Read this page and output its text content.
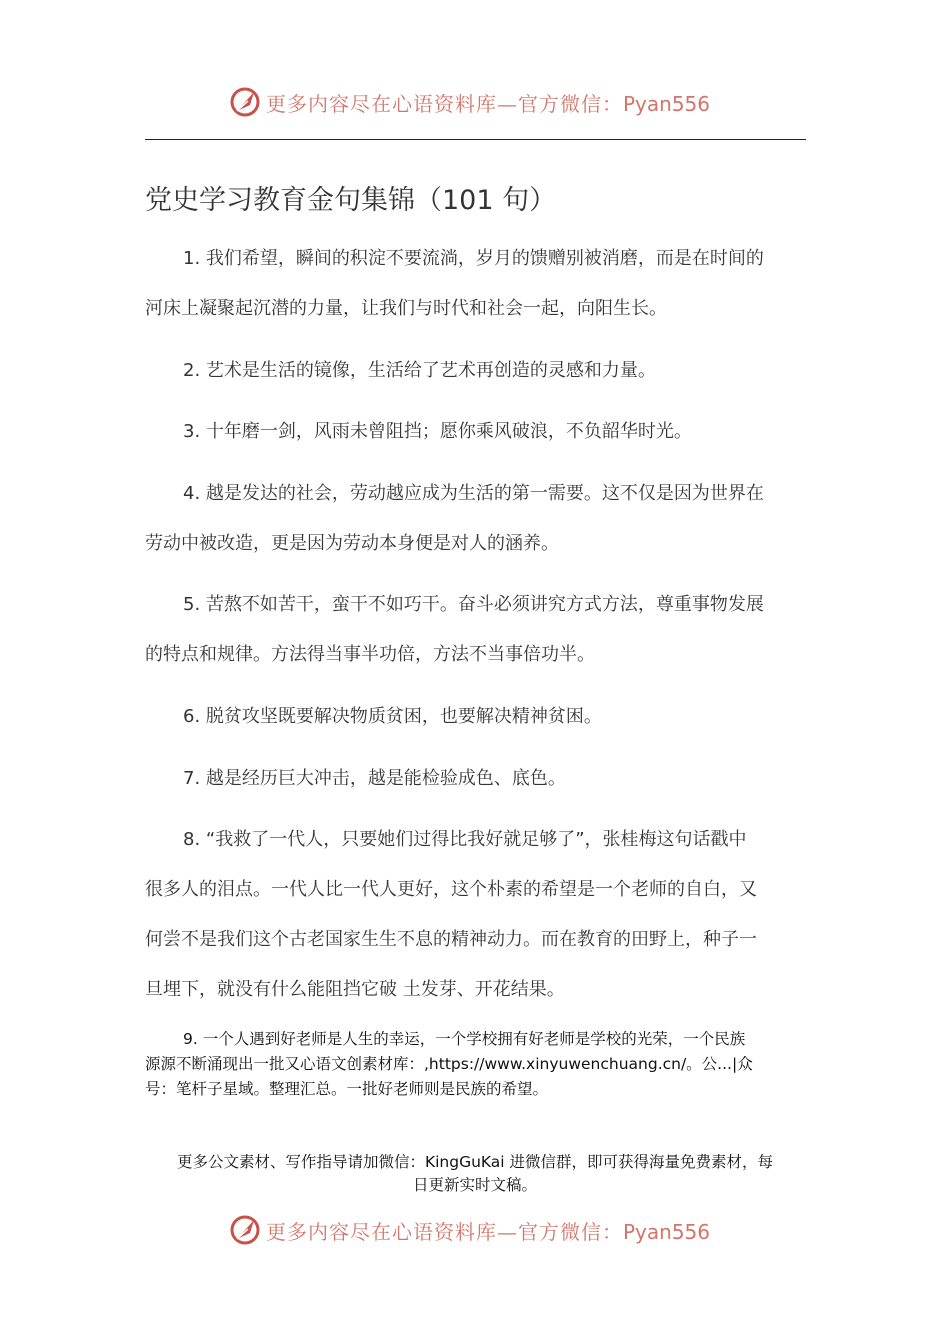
更多内容尽在心语资料库—官方微信：Pyan556
党史学习教育金句集锦（101 句）
1. 我们希望，瞬间的积淀不要流淌，岁月的馈赠别被消磨，而是在时间的
河床上凝聚起沉潜的力量，让我们与时代和社会一起，向阳生长。
2. 艺术是生活的镜像，生活给了艺术再创造的灵感和力量。
3. 十年磨一剑，风雨未曾阻挡；愿你乘风破浪，不负韶华时光。
4. 越是发达的社会，劳动越应成为生活的第一需要。这不仅是因为世界在
劳动中被改造，更是因为劳动本身便是对人的涵养。
5. 苦熬不如苦干，蛮干不如巧干。奋斗必须讲究方式方法，尊重事物发展
的特点和规律。方法得当事半功倍，方法不当事倍功半。
6. 脱贫攻坚既要解决物质贫困，也要解决精神贫困。
7. 越是经历巨大冲击，越是能检验成色、底色。
8. “我救了一代人，只要她们过得比我好就足够了”，张桂梅这句话戳中
很多人的泪点。一代人比一代人更好，这个朴素的希望是一个老师的自白，又
何尝不是我们这个古老国家生生不息的精神动力。而在教育的田野上，种子一
旦埋下，就没有什么能阻挡它破 土发芽、开花结果。
9. 一个人遇到好老师是人生的幸运，一个学校拥有好老师是学校的光荣，一个民族
源源不断涌现出一批又心语文创素材库：,https://www.xinyuwenchuang.cn/。公...|众
号：笔杆子星域。整理汇总。一批好老师则是民族的希望。
更多公文素材、写作指导请加微信：KingGuKai 进微信群，即可获得海量免费素材，每
日更新实时文稿。
更多内容尽在心语资料库—官方微信：Pyan556
